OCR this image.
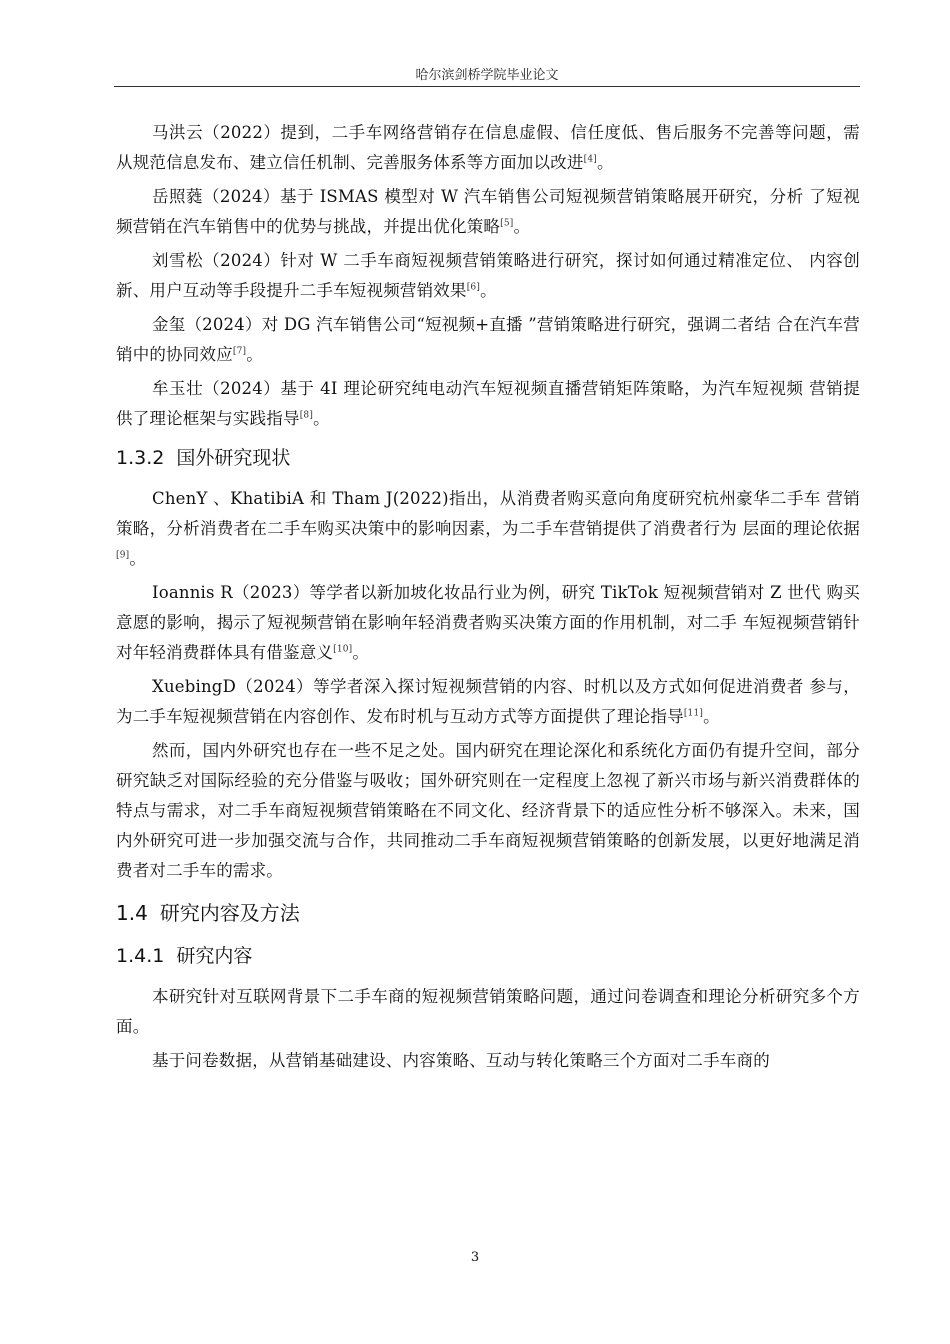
哈尔滨剑桥学院毕业论文

马洪云（2022）提到，二手车网络营销存在信息虚假、信任度低、售后服务不完善等问题，需从规范信息发布、建立信任机制、完善服务体系等方面加以改进[4]。

岳照蕤（2024）基于 ISMAS 模型对 W 汽车销售公司短视频营销策略展开研究，分析 了短视频营销在汽车销售中的优势与挑战，并提出优化策略[5]。

刘雪松（2024）针对 W 二手车商短视频营销策略进行研究，探讨如何通过精准定位、 内容创新、用户互动等手段提升二手车短视频营销效果[6]。

金玺（2024）对 DG 汽车销售公司“短视频+直播 ”营销策略进行研究，强调二者结 合在汽车营销中的协同效应[7]。

牟玉壮（2024）基于 4I 理论研究纯电动汽车短视频直播营销矩阵策略，为汽车短视频 营销提供了理论框架与实践指导[8]。

1.3.2 国外研究现状

ChenY 、KhatibiA 和 Tham J(2022)指出，从消费者购买意向角度研究杭州豪华二手车 营销策略，分析消费者在二手车购买决策中的影响因素，为二手车营销提供了消费者行为 层面的理论依据[9]。

Ioannis R（2023）等学者以新加坡化妆品行业为例，研究 TikTok 短视频营销对 Z 世代 购买意愿的影响，揭示了短视频营销在影响年轻消费者购买决策方面的作用机制，对二手 车短视频营销针对年轻消费群体具有借鉴意义[10]。

XuebingD（2024）等学者深入探讨短视频营销的内容、时机以及方式如何促进消费者 参与，为二手车短视频营销在内容创作、发布时机与互动方式等方面提供了理论指导[11]。

然而，国内外研究也存在一些不足之处。国内研究在理论深化和系统化方面仍有提升空间，部分研究缺乏对国际经验的充分借鉴与吸收；国外研究则在一定程度上忽视了新兴市场与新兴消费群体的特点与需求，对二手车商短视频营销策略在不同文化、经济背景下的适应性分析不够深入。未来，国内外研究可进一步加强交流与合作，共同推动二手车商短视频营销策略的创新发展，以更好地满足消费者对二手车的需求。

1.4 研究内容及方法
1.4.1 研究内容

本研究针对互联网背景下二手车商的短视频营销策略问题，通过问卷调查和理论分析研究多个方面。

基于问卷数据，从营销基础建设、内容策略、互动与转化策略三个方面对二手车商的

3
